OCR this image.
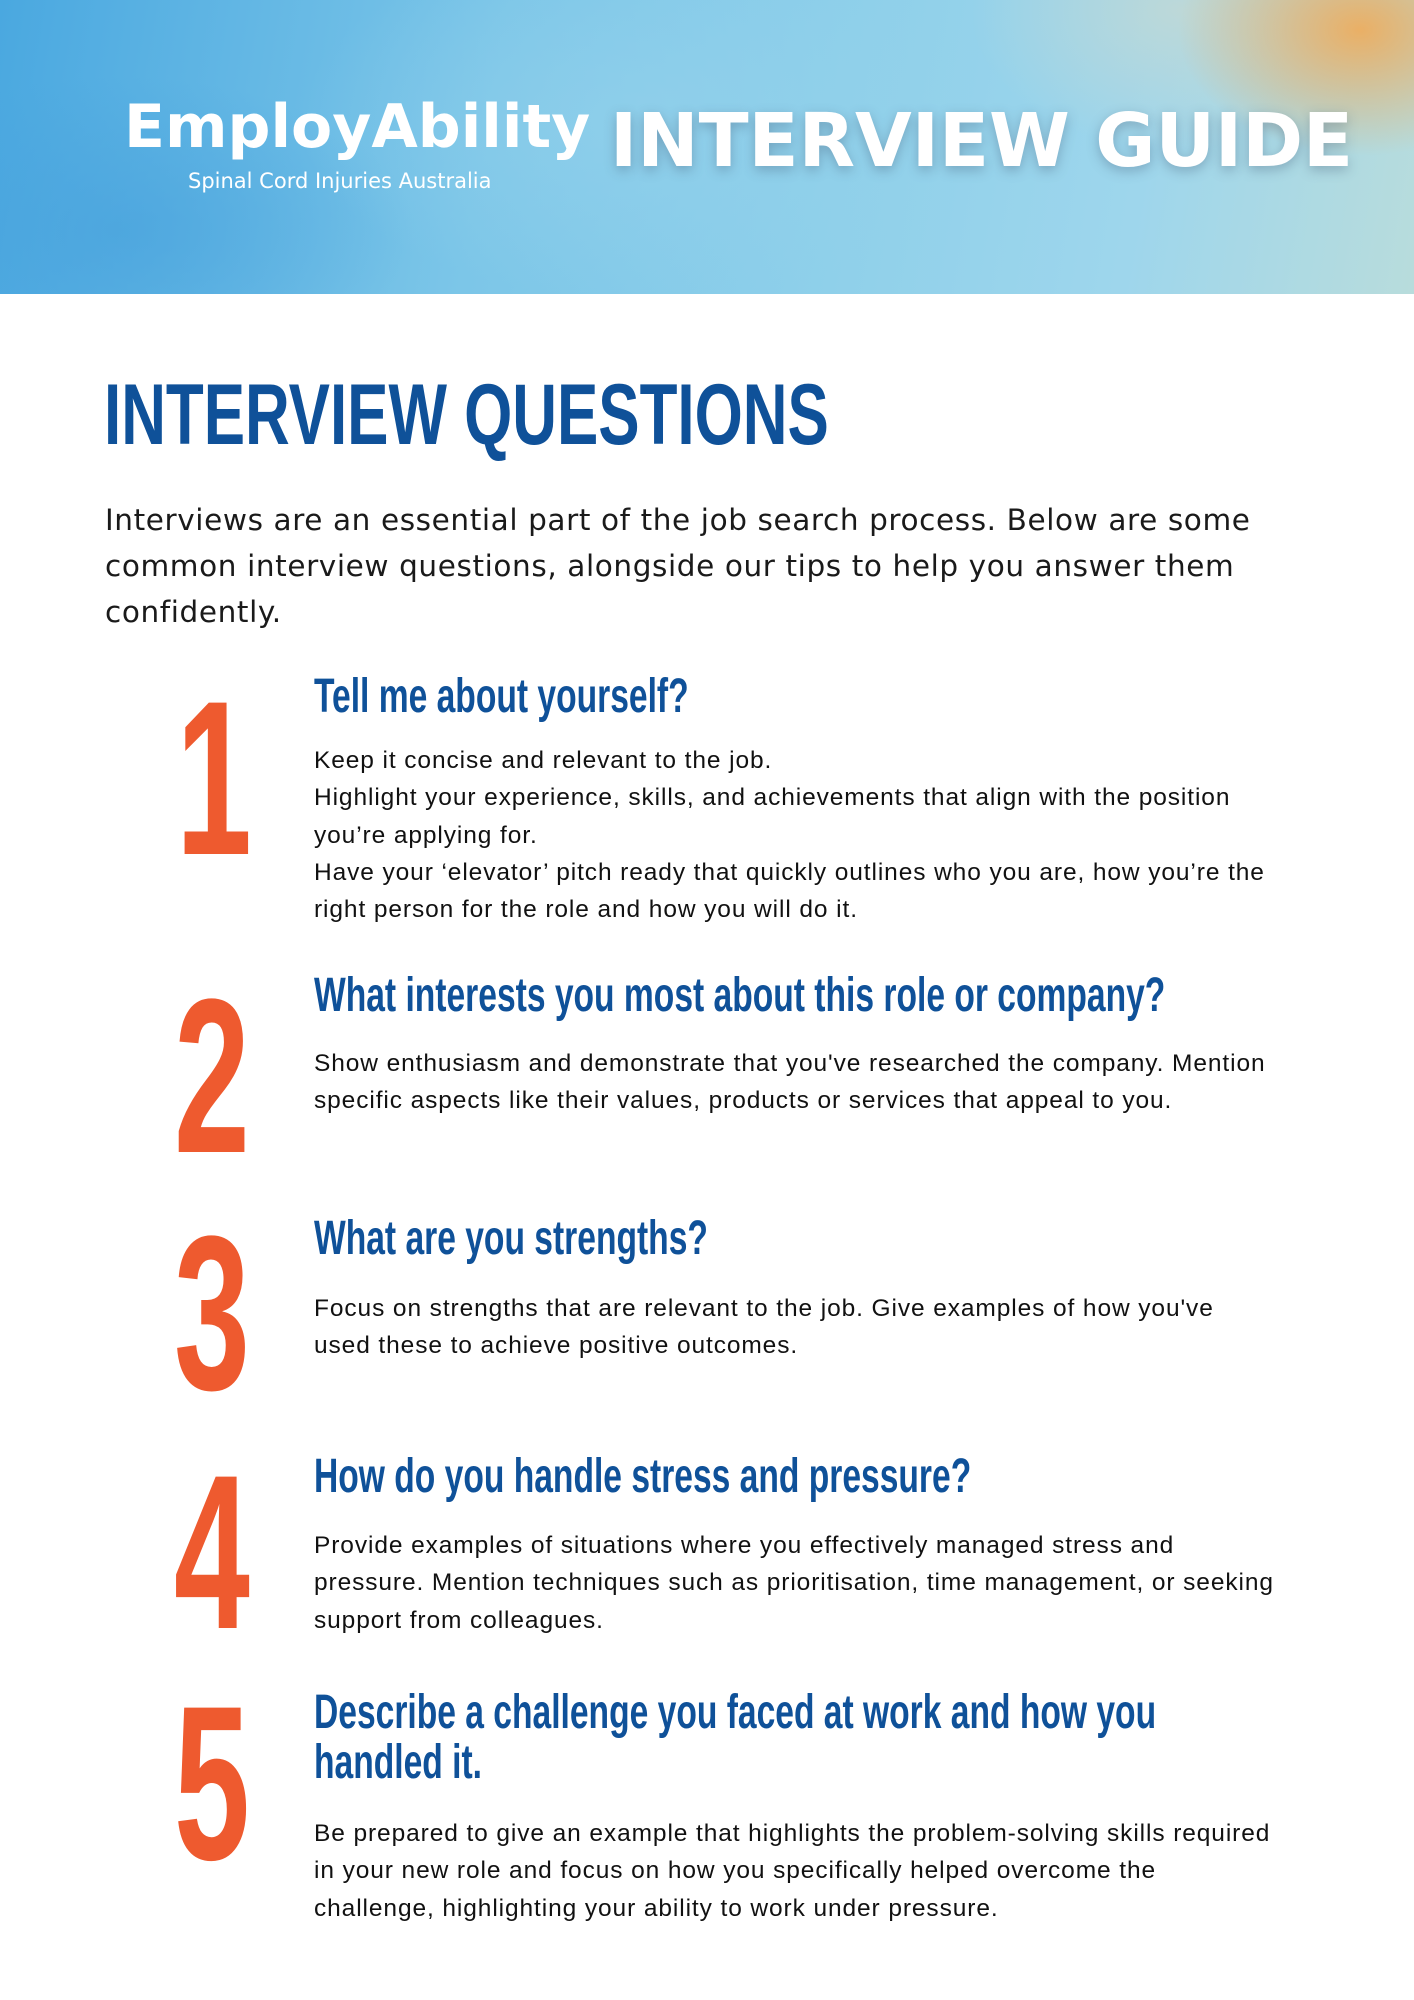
EmployAbility
Spinal Cord Injuries Australia INTERVIEW GUIDE
INTERVIEW QUESTIONS
Interviews are an essential part of the job search process. Below are some common interview questions, alongside our tips to help you answer them confidently.
1 Tell me about yourself?

Keep it concise and relevant to the job.

Highlight your experience, skills, and achievements that align with the position you’re applying for.

Have your ‘elevator’ pitch ready that quickly outlines who you are, how you’re the right person for the role and how you will do it.

2 What interests you most about this role or company?

Show enthusiasm and demonstrate that you've researched the company. Mention specific aspects like their values, products or services that appeal to you.

3 What are you strengths?

Focus on strengths that are relevant to the job. Give examples of how you've used these to achieve positive outcomes.

4 How do you handle stress and pressure?

Provide examples of situations where you effectively managed stress and pressure. Mention techniques such as prioritisation, time management, or seeking support from colleagues.

5 Describe a challenge you faced at work and how you
handled it.

Be prepared to give an example that highlights the problem-solving skills required in your new role and focus on how you specifically helped overcome the challenge, highlighting your ability to work under pressure.
